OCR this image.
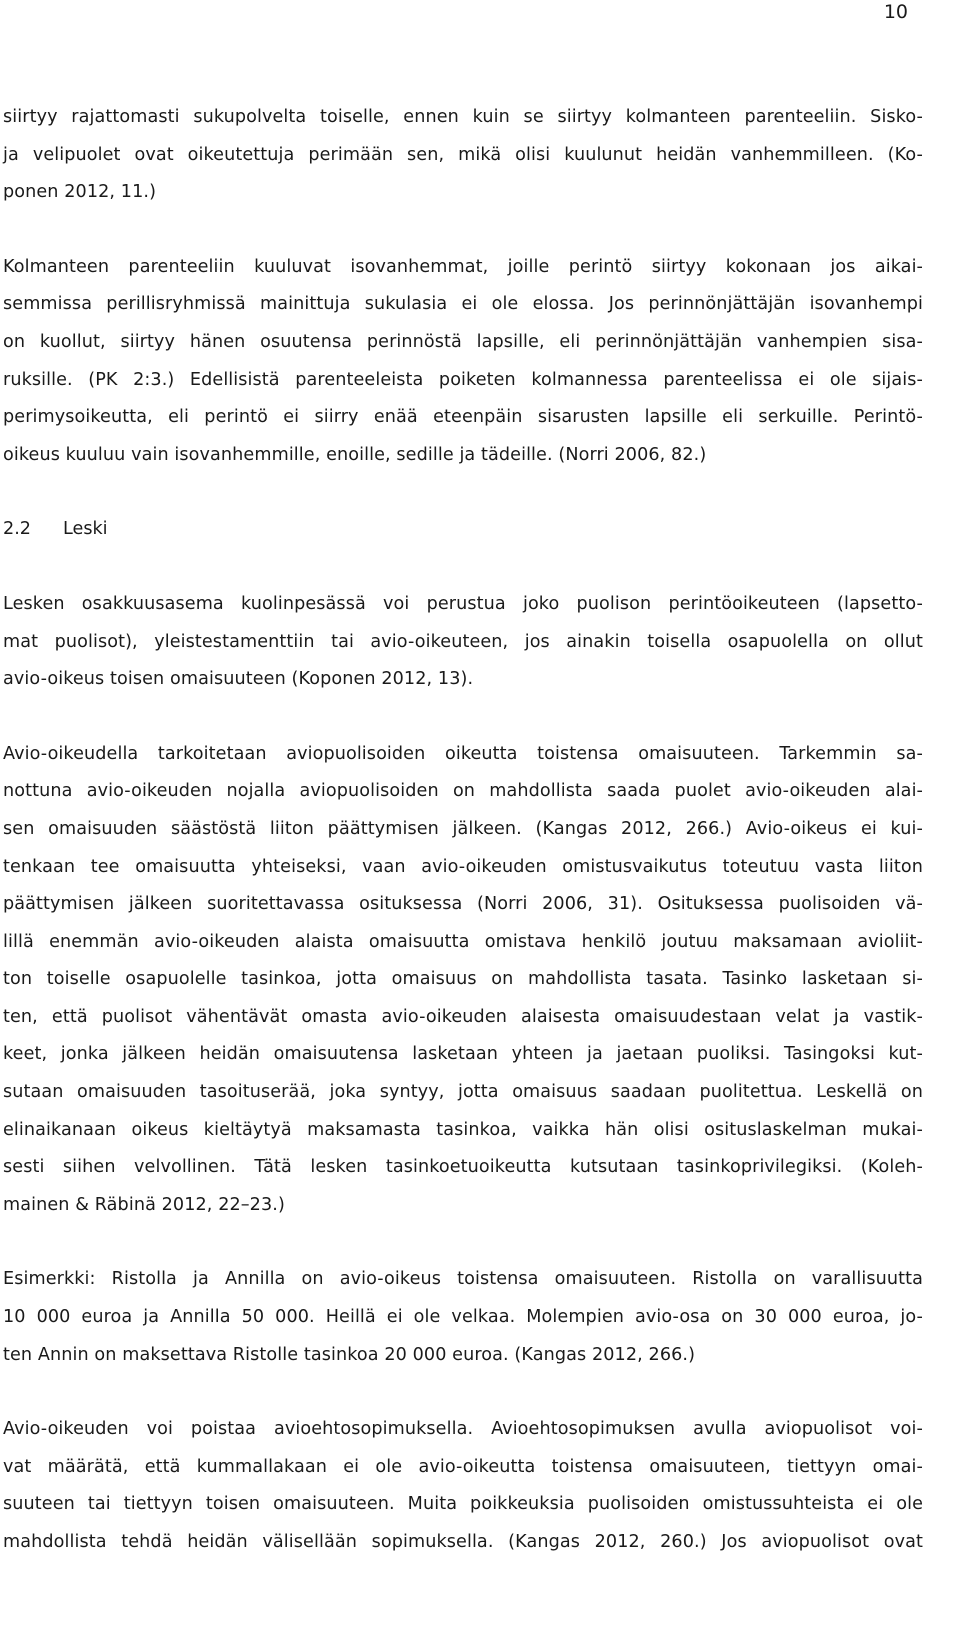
10
siirtyy rajattomasti sukupolvelta toiselle, ennen kuin se siirtyy kolmanteen parenteeliin. Sisko-
ja velipuolet ovat oikeutettuja perimään sen, mikä olisi kuulunut heidän vanhemmilleen. (Ko-
ponen 2012, 11.)
Kolmanteen parenteeliin kuuluvat isovanhemmat, joille perintö siirtyy kokonaan jos aikai-
semmissa perillisryhmissä mainittuja sukulasia ei ole elossa. Jos perinnönjättäjän isovanhempi
on kuollut, siirtyy hänen osuutensa perinnöstä lapsille, eli perinnönjättäjän vanhempien sisa-
ruksille. (PK 2:3.) Edellisistä parenteeleista poiketen kolmannessa parenteelissa ei ole sijais-
perimysoikeutta, eli perintö ei siirry enää eteenpäin sisarusten lapsille eli serkuille. Perintö-
oikeus kuuluu vain isovanhemmille, enoille, sedille ja tädeille. (Norri 2006, 82.)
2.2 Leski
Lesken osakkuusasema kuolinpesässä voi perustua joko puolison perintöoikeuteen (lapsetto-
mat puolisot), yleistestamenttiin tai avio-oikeuteen, jos ainakin toisella osapuolella on ollut
avio-oikeus toisen omaisuuteen (Koponen 2012, 13).
Avio-oikeudella tarkoitetaan aviopuolisoiden oikeutta toistensa omaisuuteen. Tarkemmin sa-
nottuna avio-oikeuden nojalla aviopuolisoiden on mahdollista saada puolet avio-oikeuden alai-
sen omaisuuden säästöstä liiton päättymisen jälkeen. (Kangas 2012, 266.) Avio-oikeus ei kui-
tenkaan tee omaisuutta yhteiseksi, vaan avio-oikeuden omistusvaikutus toteutuu vasta liiton
päättymisen jälkeen suoritettavassa osituksessa (Norri 2006, 31). Osituksessa puolisoiden vä-
lillä enemmän avio-oikeuden alaista omaisuutta omistava henkilö joutuu maksamaan avioliit-
ton toiselle osapuolelle tasinkoa, jotta omaisuus on mahdollista tasata. Tasinko lasketaan si-
ten, että puolisot vähentävät omasta avio-oikeuden alaisesta omaisuudestaan velat ja vastik-
keet, jonka jälkeen heidän omaisuutensa lasketaan yhteen ja jaetaan puoliksi. Tasingoksi kut-
sutaan omaisuuden tasoituserää, joka syntyy, jotta omaisuus saadaan puolitettua. Leskellä on
elinaikanaan oikeus kieltäytyä maksamasta tasinkoa, vaikka hän olisi osituslaskelman mukai-
sesti siihen velvollinen. Tätä lesken tasinkoetuoikeutta kutsutaan tasinkoprivilegiksi. (Koleh-
mainen & Räbinä 2012, 22–23.)
Esimerkki: Ristolla ja Annilla on avio-oikeus toistensa omaisuuteen. Ristolla on varallisuutta
10 000 euroa ja Annilla 50 000. Heillä ei ole velkaa. Molempien avio-osa on 30 000 euroa, jo-
ten Annin on maksettava Ristolle tasinkoa 20 000 euroa. (Kangas 2012, 266.)
Avio-oikeuden voi poistaa avioehtosopimuksella. Avioehtosopimuksen avulla aviopuolisot voi-
vat määrätä, että kummallakaan ei ole avio-oikeutta toistensa omaisuuteen, tiettyyn omai-
suuteen tai tiettyyn toisen omaisuuteen. Muita poikkeuksia puolisoiden omistussuhteista ei ole
mahdollista tehdä heidän välisellään sopimuksella. (Kangas 2012, 260.) Jos aviopuolisot ovat
